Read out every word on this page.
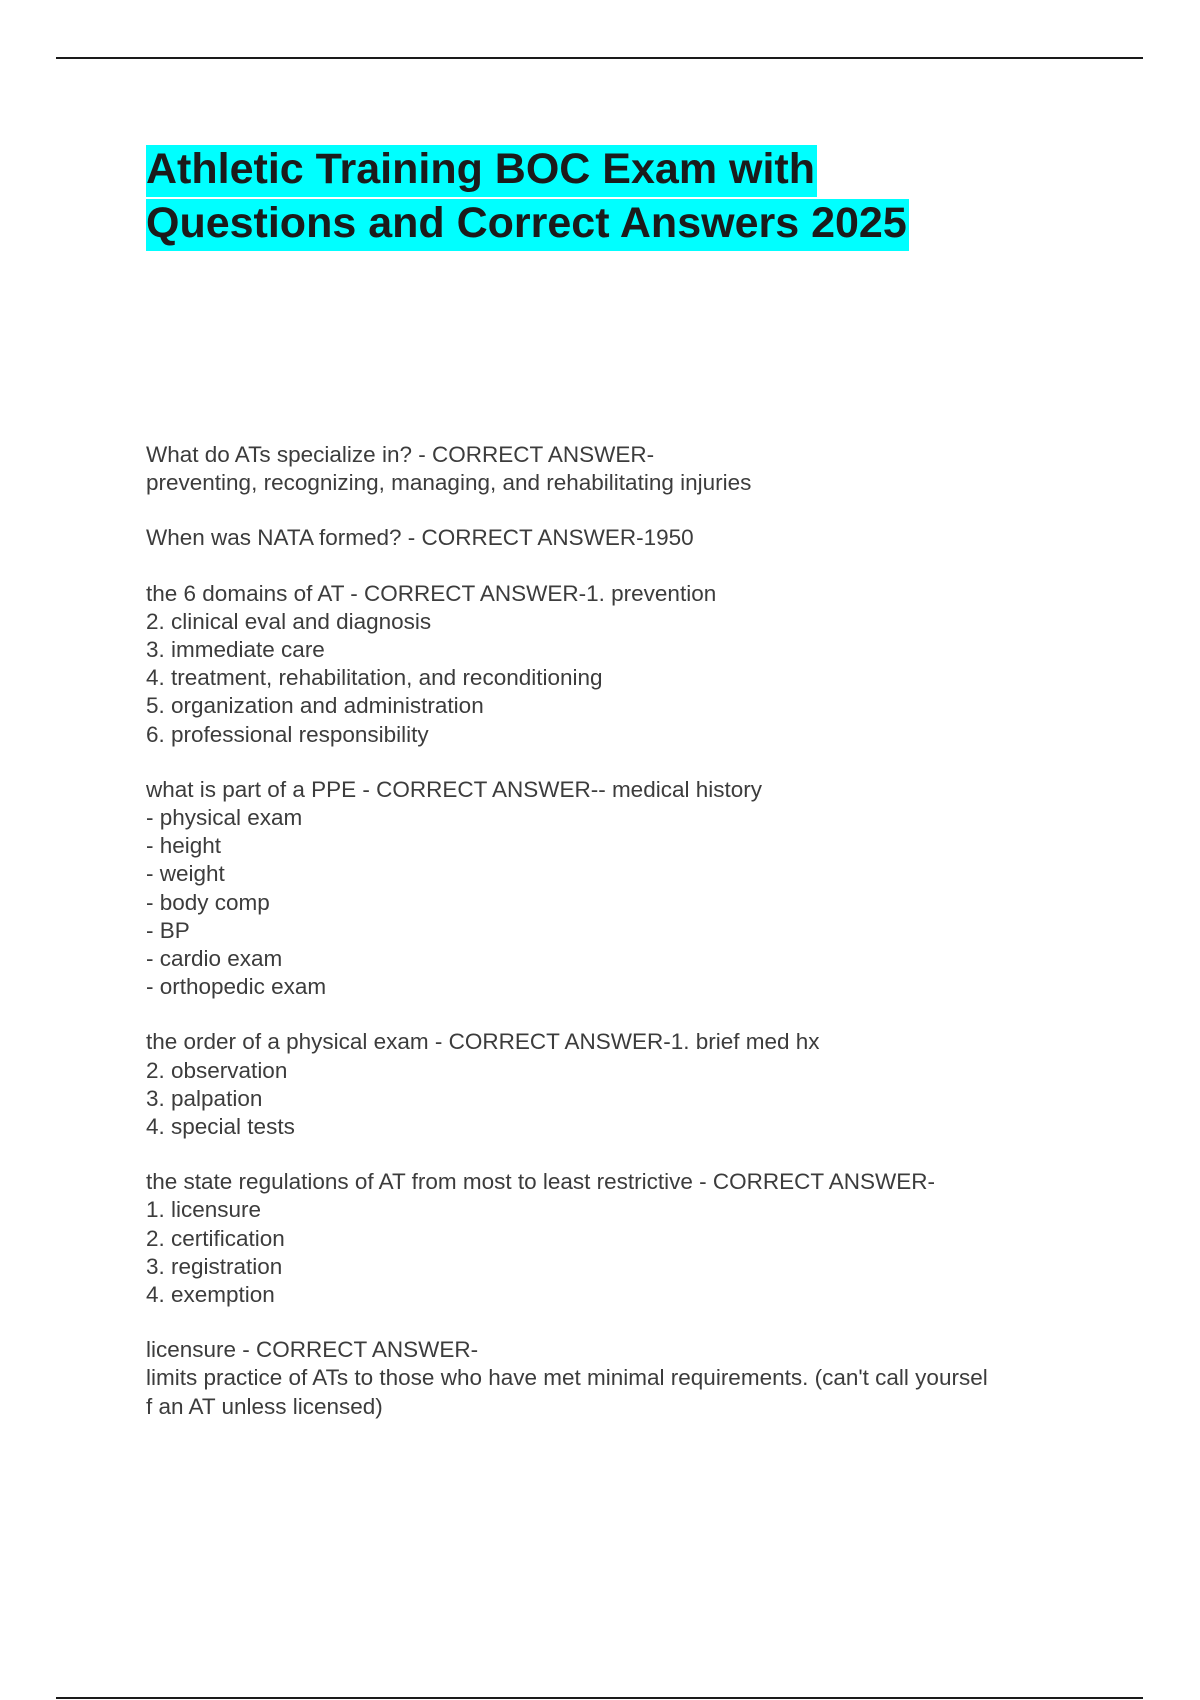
Athletic Training BOC Exam with
Questions and Correct Answers 2025
What do ATs specialize in? - CORRECT ANSWER-
preventing, recognizing, managing, and rehabilitating injuries
When was NATA formed? - CORRECT ANSWER-1950
the 6 domains of AT - CORRECT ANSWER-1. prevention
2. clinical eval and diagnosis
3. immediate care
4. treatment, rehabilitation, and reconditioning
5. organization and administration
6. professional responsibility
what is part of a PPE - CORRECT ANSWER-- medical history
- physical exam
- height
- weight
- body comp
- BP
- cardio exam
- orthopedic exam
the order of a physical exam - CORRECT ANSWER-1. brief med hx
2. observation
3. palpation
4. special tests
the state regulations of AT from most to least restrictive - CORRECT ANSWER-
1. licensure
2. certification
3. registration
4. exemption
licensure - CORRECT ANSWER-
limits practice of ATs to those who have met minimal requirements. (can't call yoursel
f an AT unless licensed)
